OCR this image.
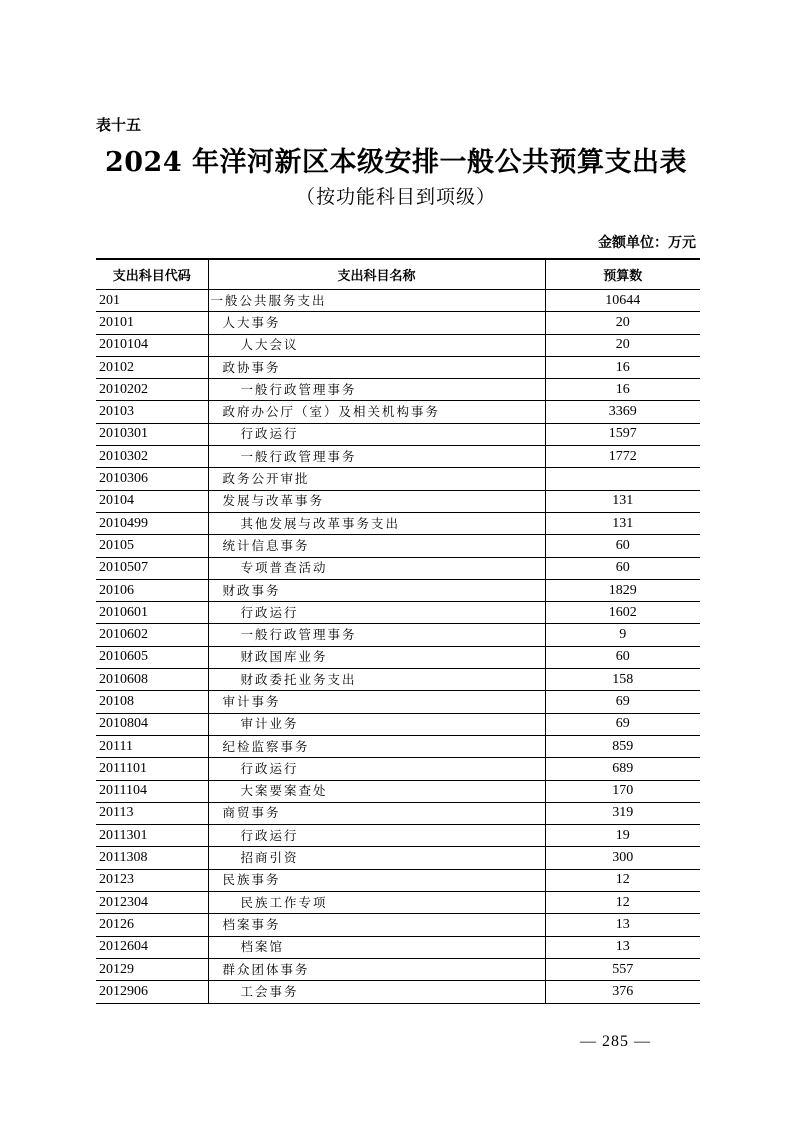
表十五
2024 年洋河新区本级安排一般公共预算支出表
（按功能科目到项级）
金额单位：万元
支出科目代码	支出科目名称	预算数
201	一般公共服务支出	10644
20101	人大事务	20
2010104	人大会议	20
20102	政协事务	16
2010202	一般行政管理事务	16
20103	政府办公厅（室）及相关机构事务	3369
2010301	行政运行	1597
2010302	一般行政管理事务	1772
2010306	政务公开审批	
20104	发展与改革事务	131
2010499	其他发展与改革事务支出	131
20105	统计信息事务	60
2010507	专项普查活动	60
20106	财政事务	1829
2010601	行政运行	1602
2010602	一般行政管理事务	9
2010605	财政国库业务	60
2010608	财政委托业务支出	158
20108	审计事务	69
2010804	审计业务	69
20111	纪检监察事务	859
2011101	行政运行	689
2011104	大案要案查处	170
20113	商贸事务	319
2011301	行政运行	19
2011308	招商引资	300
20123	民族事务	12
2012304	民族工作专项	12
20126	档案事务	13
2012604	档案馆	13
20129	群众团体事务	557
2012906	工会事务	376
— 285 —
